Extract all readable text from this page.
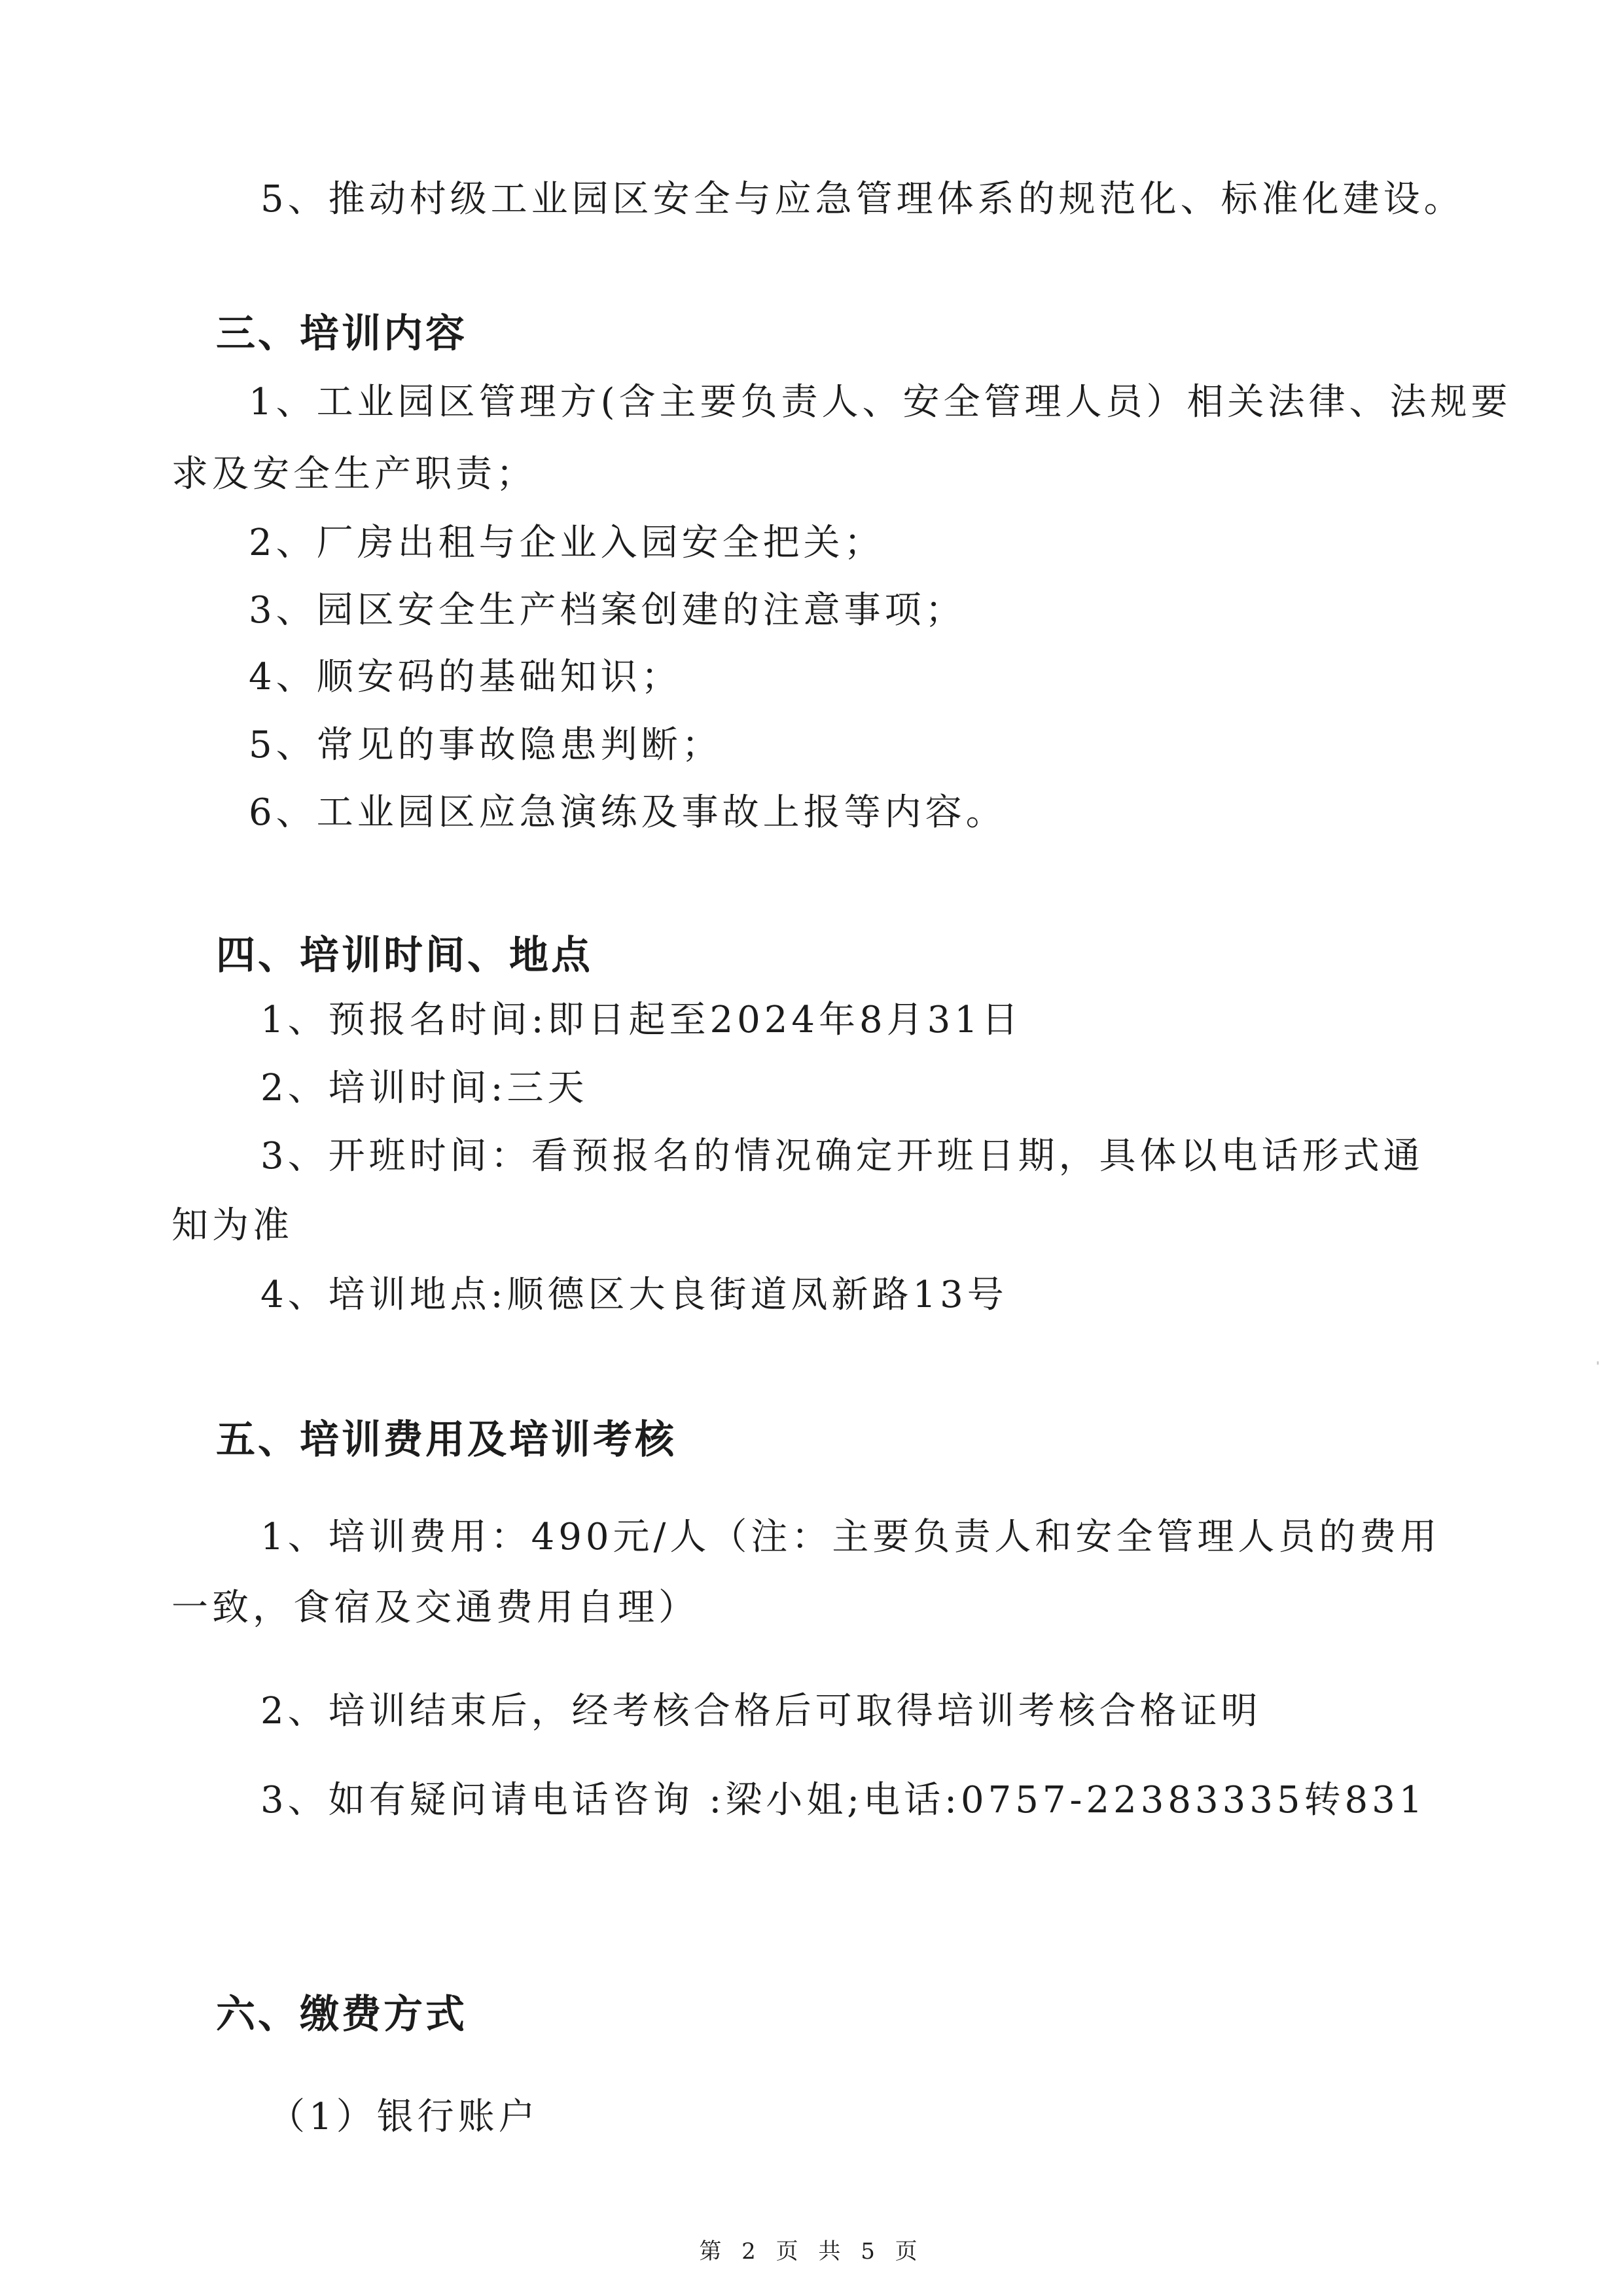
5、推动村级工业园区安全与应急管理体系的规范化、标准化建设。

三、培训内容

1、工业园区管理方(含主要负责人、安全管理人员）相关法律、法规要

求及安全生产职责；

2、厂房出租与企业入园安全把关；

3、园区安全生产档案创建的注意事项；

4、顺安码的基础知识；

5、常见的事故隐患判断；

6、工业园区应急演练及事故上报等内容。

四、培训时间、地点

1、预报名时间:即日起至2024年8月31日

2、培训时间:三天

3、开班时间：看预报名的情况确定开班日期，具体以电话形式通

知为准

4、培训地点:顺德区大良街道凤新路13号

五、培训费用及培训考核

1、培训费用：490元/人（注：主要负责人和安全管理人员的费用

一致，食宿及交通费用自理）

2、培训结束后，经考核合格后可取得培训考核合格证明

3、如有疑问请电话咨询 :梁小姐;电话:0757-22383335转831

六、缴费方式

（1）银行账户

第 2 页 共 5 页
